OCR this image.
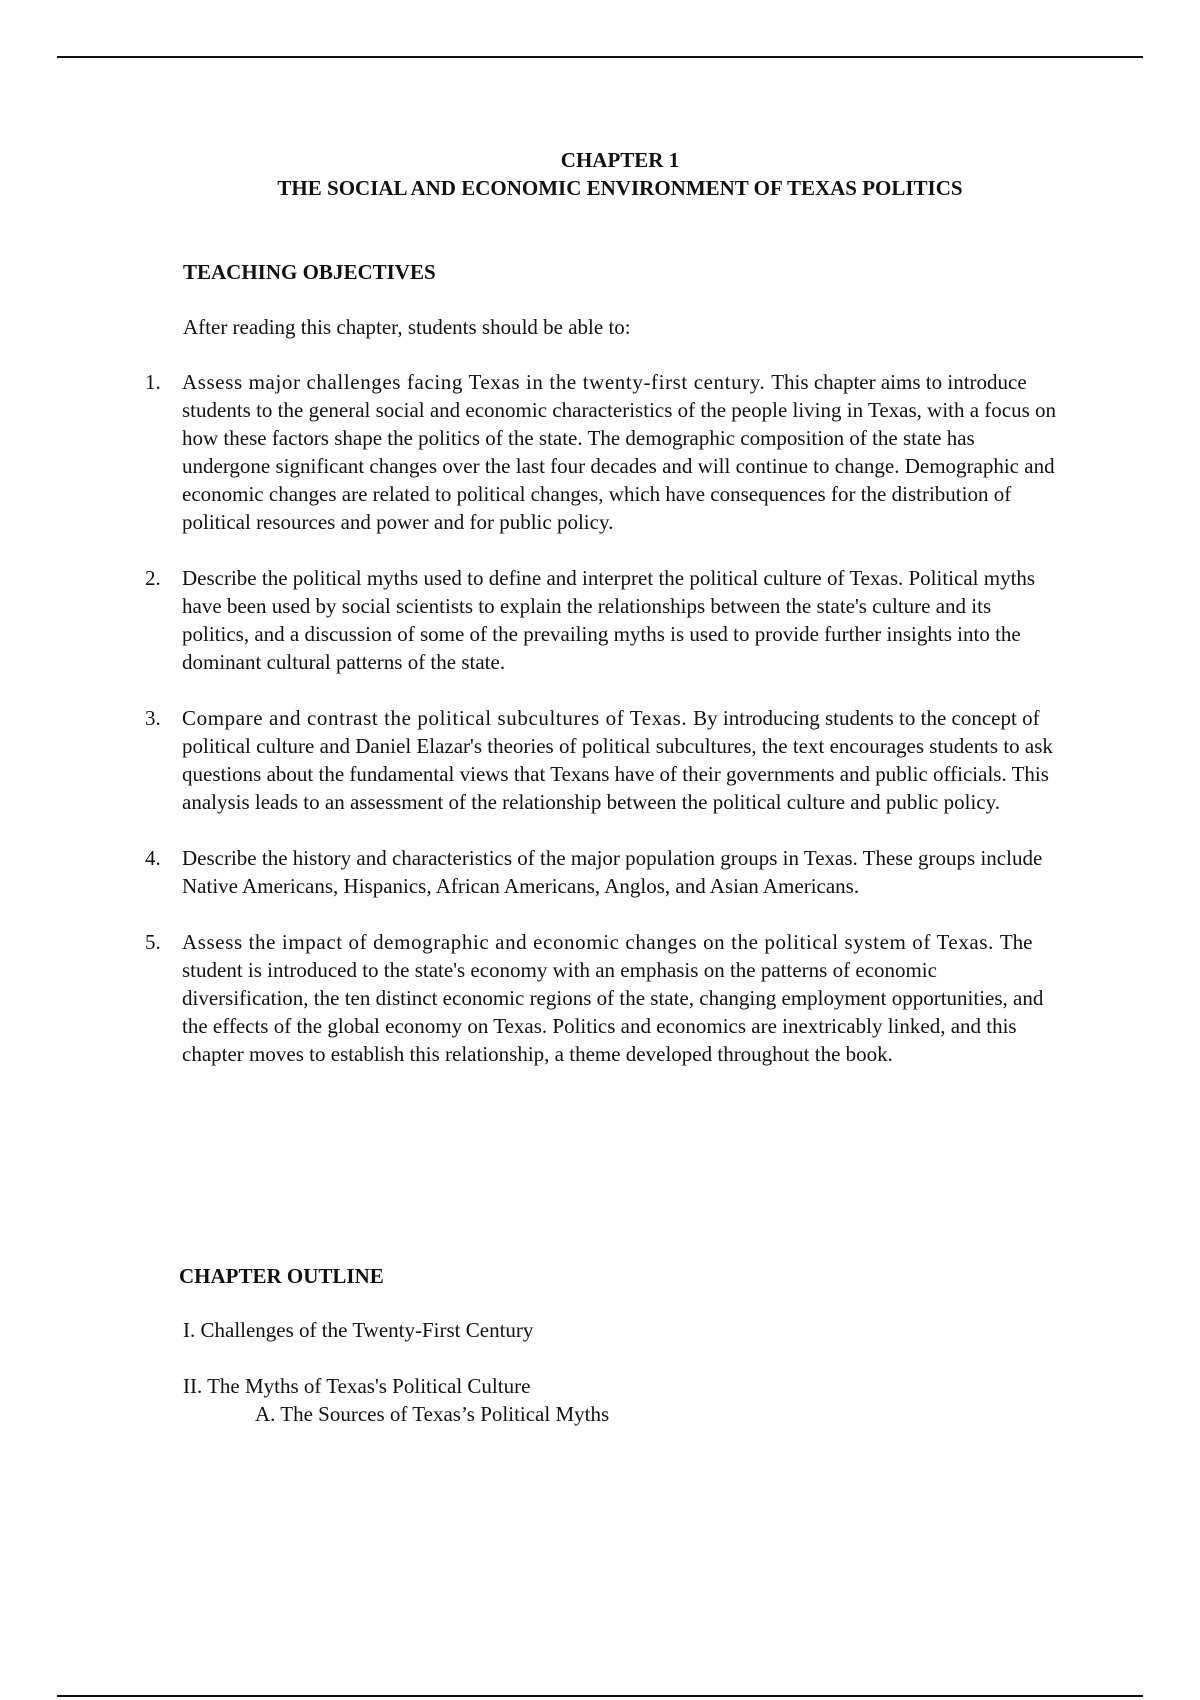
CHAPTER 1
THE SOCIAL AND ECONOMIC ENVIRONMENT OF TEXAS POLITICS
TEACHING OBJECTIVES
After reading this chapter, students should be able to:
1. Assess major challenges facing Texas in the twenty-first century. This chapter aims to introduce students to the general social and economic characteristics of the people living in Texas, with a focus on how these factors shape the politics of the state. The demographic composition of the state has undergone significant changes over the last four decades and will continue to change. Demographic and economic changes are related to political changes, which have consequences for the distribution of political resources and power and for public policy.
2. Describe the political myths used to define and interpret the political culture of Texas. Political myths have been used by social scientists to explain the relationships between the state's culture and its politics, and a discussion of some of the prevailing myths is used to provide further insights into the dominant cultural patterns of the state.
3. Compare and contrast the political subcultures of Texas. By introducing students to the concept of political culture and Daniel Elazar's theories of political subcultures, the text encourages students to ask questions about the fundamental views that Texans have of their governments and public officials. This analysis leads to an assessment of the relationship between the political culture and public policy.
4. Describe the history and characteristics of the major population groups in Texas. These groups include Native Americans, Hispanics, African Americans, Anglos, and Asian Americans.
5. Assess the impact of demographic and economic changes on the political system of Texas. The student is introduced to the state's economy with an emphasis on the patterns of economic diversification, the ten distinct economic regions of the state, changing employment opportunities, and the effects of the global economy on Texas. Politics and economics are inextricably linked, and this chapter moves to establish this relationship, a theme developed throughout the book.
CHAPTER OUTLINE
I. Challenges of the Twenty-First Century
II. The Myths of Texas's Political Culture
A. The Sources of Texas’s Political Myths
